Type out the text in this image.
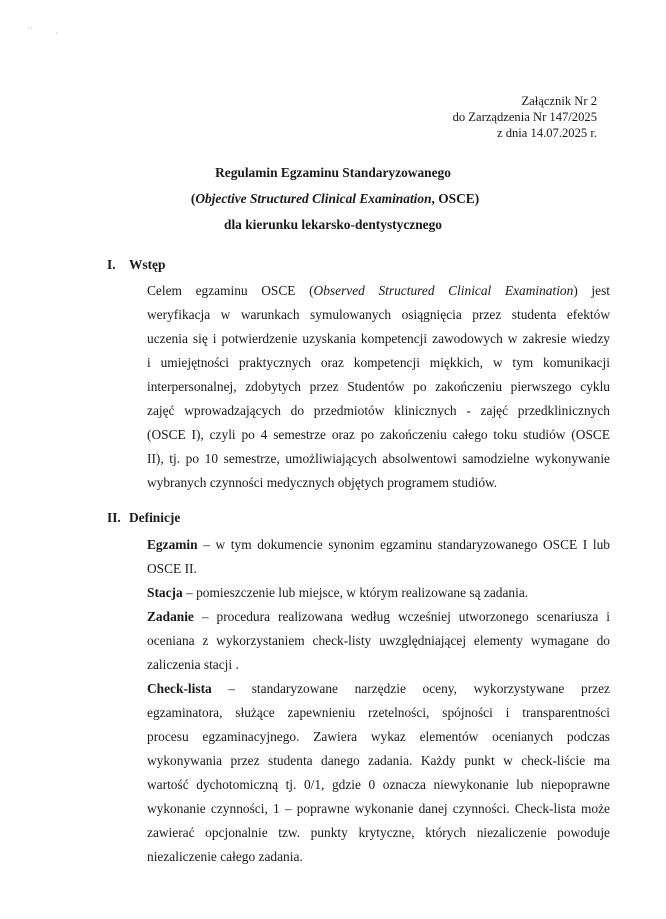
' '	,
Załącznik Nr 2
do Zarządzenia Nr 147/2025
z dnia 14.07.2025 r.
Regulamin Egzaminu Standaryzowanego
(Objective Structured Clinical Examination, OSCE)
dla kierunku lekarsko-dentystycznego
I. Wstęp
Celem egzaminu OSCE (Observed Structured Clinical Examination) jest
weryfikacja w warunkach symulowanych osiągnięcia przez studenta efektów
uczenia się i potwierdzenie uzyskania kompetencji zawodowych w zakresie wiedzy
i umiejętności praktycznych oraz kompetencji miękkich, w tym komunikacji
interpersonalnej, zdobytych przez Studentów po zakończeniu pierwszego cyklu
zajęć wprowadzających do przedmiotów klinicznych - zajęć przedklinicznych
(OSCE I), czyli po 4 semestrze oraz po zakończeniu całego toku studiów (OSCE
II), tj. po 10 semestrze, umożliwiających absolwentowi samodzielne wykonywanie
wybranych czynności medycznych objętych programem studiów.
II. Definicje
Egzamin – w tym dokumencie synonim egzaminu standaryzowanego OSCE I lub
OSCE II.
Stacja – pomieszczenie lub miejsce, w którym realizowane są zadania.
Zadanie – procedura realizowana według wcześniej utworzonego scenariusza i
oceniana z wykorzystaniem check-listy uwzględniającej elementy wymagane do
zaliczenia stacji .
Check-lista – standaryzowane narzędzie oceny, wykorzystywane przez
egzaminatora, służące zapewnieniu rzetelności, spójności i transparentności
procesu egzaminacyjnego. Zawiera wykaz elementów ocenianych podczas
wykonywania przez studenta danego zadania. Każdy punkt w check-liście ma
wartość dychotomiczną tj. 0/1, gdzie 0 oznacza niewykonanie lub niepoprawne
wykonanie czynności, 1 – poprawne wykonanie danej czynności. Check-lista może
zawierać opcjonalnie tzw. punkty krytyczne, których niezaliczenie powoduje
niezaliczenie całego zadania.
